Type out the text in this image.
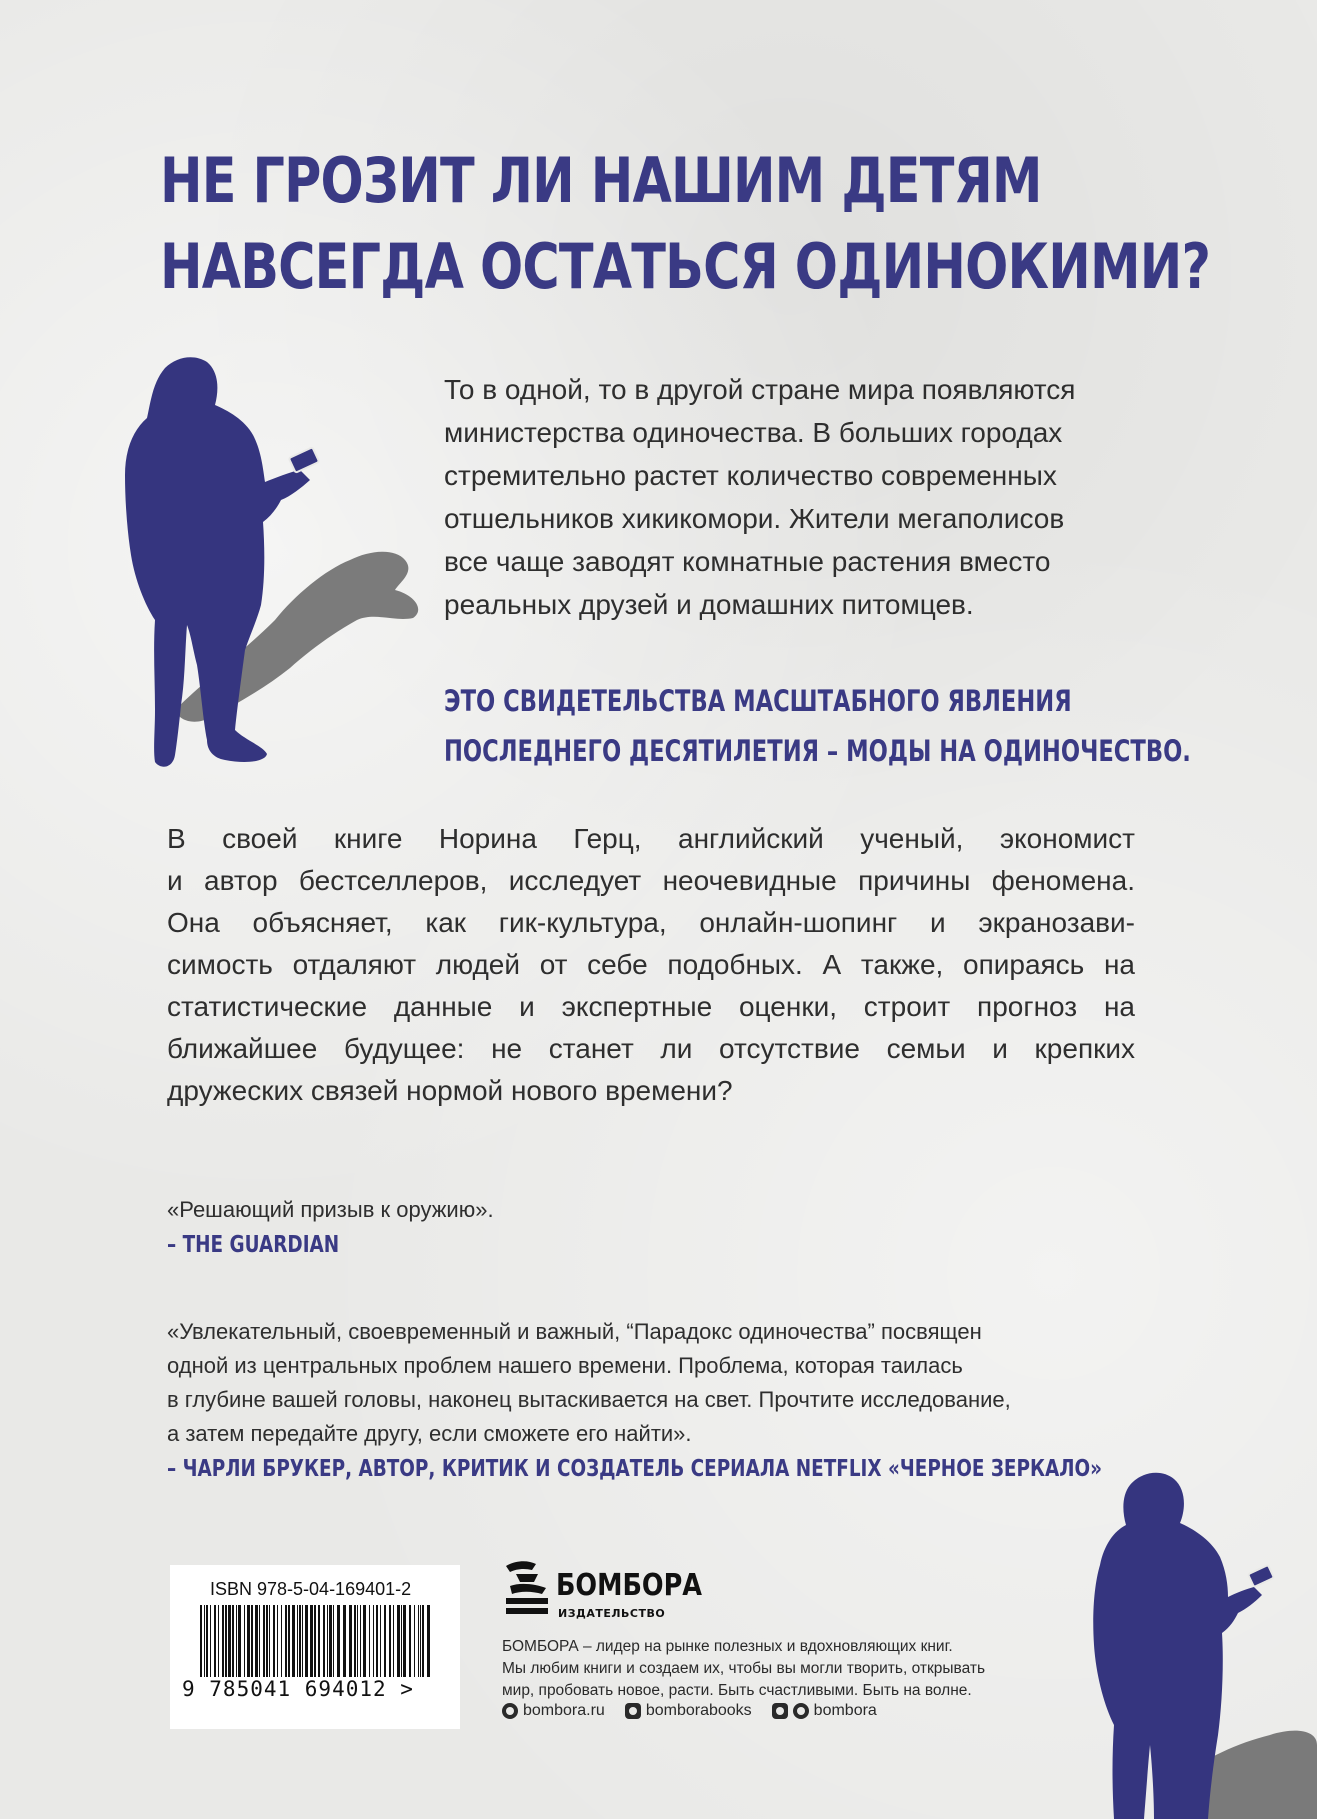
НЕ ГРОЗИТ ЛИ НАШИМ ДЕТЯМ
НАВСЕГДА ОСТАТЬСЯ ОДИНОКИМИ?
То в одной, то в другой стране мира появляются
министерства одиночества. В больших городах
стремительно растет количество современных
отшельников хикикомори. Жители мегаполисов
все чаще заводят комнатные растения вместо
реальных друзей и домашних питомцев.
ЭТО СВИДЕТЕЛЬСТВА МАСШТАБНОГО ЯВЛЕНИЯ
ПОСЛЕДНЕГО ДЕСЯТИЛЕТИЯ – МОДЫ НА ОДИНОЧЕСТВО.
В своей книге Норина Герц, английский ученый, экономист
и автор бестселлеров, исследует неочевидные причины феномена.
Она объясняет, как гик-культура, онлайн-шопинг и экранозави-
симость отдаляют людей от себе подобных. А также, опираясь на
статистические данные и экспертные оценки, строит прогноз на
ближайшее будущее: не станет ли отсутствие семьи и крепких
дружеских связей нормой нового времени?
«Решающий призыв к оружию».
– THE GUARDIAN
«Увлекательный, своевременный и важный, “Парадокс одиночества” посвящен
одной из центральных проблем нашего времени. Проблема, которая таилась
в глубине вашей головы, наконец вытаскивается на свет. Прочтите исследование,
а затем передайте другу, если сможете его найти».
– ЧАРЛИ БРУКЕР, АВТОР, КРИТИК И СОЗДАТЕЛЬ СЕРИАЛА NETFLIX «ЧЕРНОЕ ЗЕРКАЛО»
ISBN 978-5-04-169401-2
9 785041 694012 >
БОМБОРА
ИЗДАТЕЛЬСТВО
БОМБОРА – лидер на рынке полезных и вдохновляющих книг.
Мы любим книги и создаем их, чтобы вы могли творить, открывать
мир, пробовать новое, расти. Быть счастливыми. Быть на волне.
bombora.ru	bomborabooks	bombora
